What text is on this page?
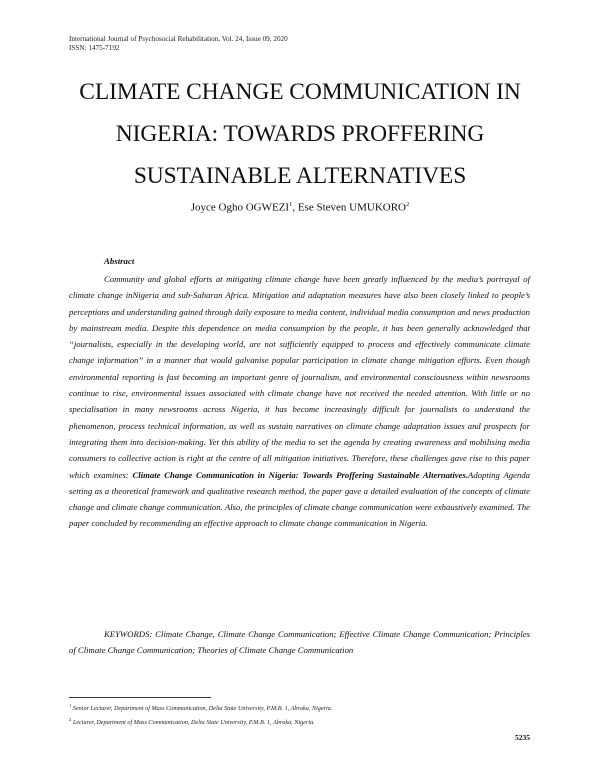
International Journal of Psychosocial Rehabilitation, Vol. 24, Issue 09, 2020
ISSN: 1475-7192
CLIMATE CHANGE COMMUNICATION IN
NIGERIA: TOWARDS PROFFERING
SUSTAINABLE ALTERNATIVES
Joyce Ogho OGWEZI$^1$, Ese Steven UMUKORO$^2$
Abstract

Community and global efforts at mitigating climate change have been greatly influenced by the media’s portrayal of climate change inNigeria and sub-Saharan Africa. Mitigation and adaptation measures have also been closely linked to people’s perceptions and understanding gained through daily exposure to media content, individual media consumption and news production by mainstream media. Despite this dependence on media consumption by the people, it has been generally acknowledged that “journalists, especially in the developing world, are not sufficiently equipped to process and effectively communicate climate change information” in a manner that would galvanise popular participation in climate change mitigation efforts. Even though environmental reporting is fast becoming an important genre of journalism, and environmental consciousness within newsrooms continue to rise, environmental issues associated with climate change have not received the needed attention. With little or no specialisation in many newsrooms across Nigeria, it has become increasingly difficult for journalists to understand the phenomenon, process technical information, as well as sustain narratives on climate change adaptation issues and prospects for integrating them into decision-making. Yet this ability of the media to set the agenda by creating awareness and mobilising media consumers to collective action is right at the centre of all mitigation initiatives. Therefore, these challenges gave rise to this paper which examines: Climate Change Communication in Nigeria: Towards Proffering Sustainable Alternatives.Adopting Agenda setting as a theoretical framework and qualitative research method, the paper gave a detailed evaluation of the concepts of climate change and climate change communication. Also, the principles of climate change communication were exhaustively examined. The paper concluded by recommending an effective approach to climate change communication in Nigeria.

KEYWORDS: Climate Change, Climate Change Communication; Effective Climate Change Communication; Principles of Climate Change Communication; Theories of Climate Change Communication

$^1$ Senior Lecturer, Department of Mass Communication, Delta State University, P.M.B. 1, Abraka, Nigeria.
$^2$ Lecturer, Department of Mass Communication, Delta State University, P.M.B. 1, Abraka, Nigeria.
5235
